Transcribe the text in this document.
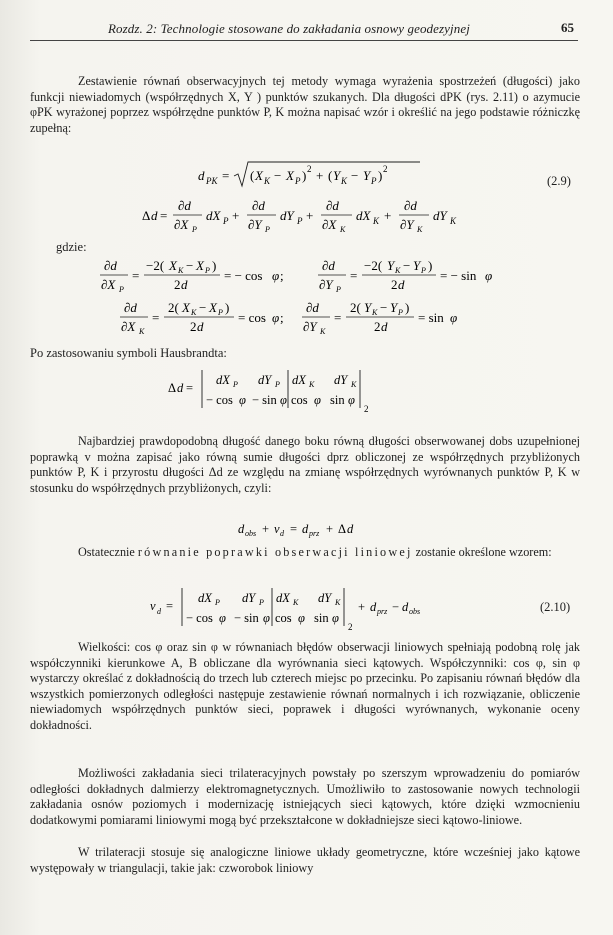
Rozdz. 2: Technologie stosowane do zakładania osnowy geodezyjnej	65

Zestawienie równań obserwacyjnych tej metody wymaga wyrażenia spostrzeżeń (długości) jako funkcji niewiadomych (współrzędnych X, Y ) punktów szukanych. Dla długości dPK (rys. 2.11) o azymucie φPK wyrażonej poprzez współrzędne punktów P, K można napisać wzór i określić na jego podstawie różniczkę zupełną:

d PK = ( X K − X P ) 2 + ( Y K − Y P ) 2
(2.9)
Δ d =
∂d
∂X P
dX P +
∂d
∂Y P
dY P +
∂d
∂X K
dX K +
∂d
∂Y K
dY K
gdzie:
∂d
∂X P
=
−2( X K − X P )
2 d
= − cos φ ;
∂d
∂Y P
=
−2( Y K − Y P )
2 d
= − sin φ
∂d
∂X K
=
2( X K − X P )
2 d
= cos φ ;
∂d
∂Y K
=
2( Y K − Y P )
2 d
= sin φ
Po zastosowaniu symboli Hausbrandta:
Δ d =
dX P dY P dX K dY K
− cos φ − sin φ cos φ sin φ
2

Najbardziej prawdopodobną długość danego boku równą długości obserwowanej dobs uzupełnionej poprawką v można zapisać jako równą sumie długości dprz obliczonej ze współrzędnych przybliżonych punktów P, K i przyrostu długości Δd ze względu na zmianę współrzędnych wyrównanych punktów P, K w stosunku do współrzędnych przybliżonych, czyli:

d obs + v d = d prz + Δ d

Ostatecznie równanie poprawki obserwacji liniowej zostanie określone wzorem:

v d =
dX P dY P dX K dY K
− cos φ − sin φ cos φ sin φ
2
+ d prz − d obs	(2.10)

Wielkości: cos φ oraz sin φ w równaniach błędów obserwacji liniowych spełniają podobną rolę jak współczynniki kierunkowe A, B obliczane dla wyrównania sieci kątowych. Współczynniki: cos φ, sin φ wystarczy określać z dokładnością do trzech lub czterech miejsc po przecinku. Po zapisaniu równań błędów dla wszystkich pomierzonych odległości następuje zestawienie równań normalnych i ich rozwiązanie, obliczenie niewiadomych współrzędnych punktów sieci, poprawek i długości wyrównanych, wykonanie oceny dokładności.

Możliwości zakładania sieci trilateracyjnych powstały po szerszym wprowadzeniu do pomiarów odległości dokładnych dalmierzy elektromagnetycznych. Umożliwiło to zastosowanie nowych technologii zakładania osnów poziomych i modernizację istniejących sieci kątowych, które dzięki wzmocnieniu dodatkowymi pomiarami liniowymi mogą być przekształcone w dokładniejsze sieci kątowo-liniowe.

W trilateracji stosuje się analogiczne liniowe układy geometryczne, które wcześniej jako kątowe występowały w triangulacji, takie jak: czworobok liniowy
